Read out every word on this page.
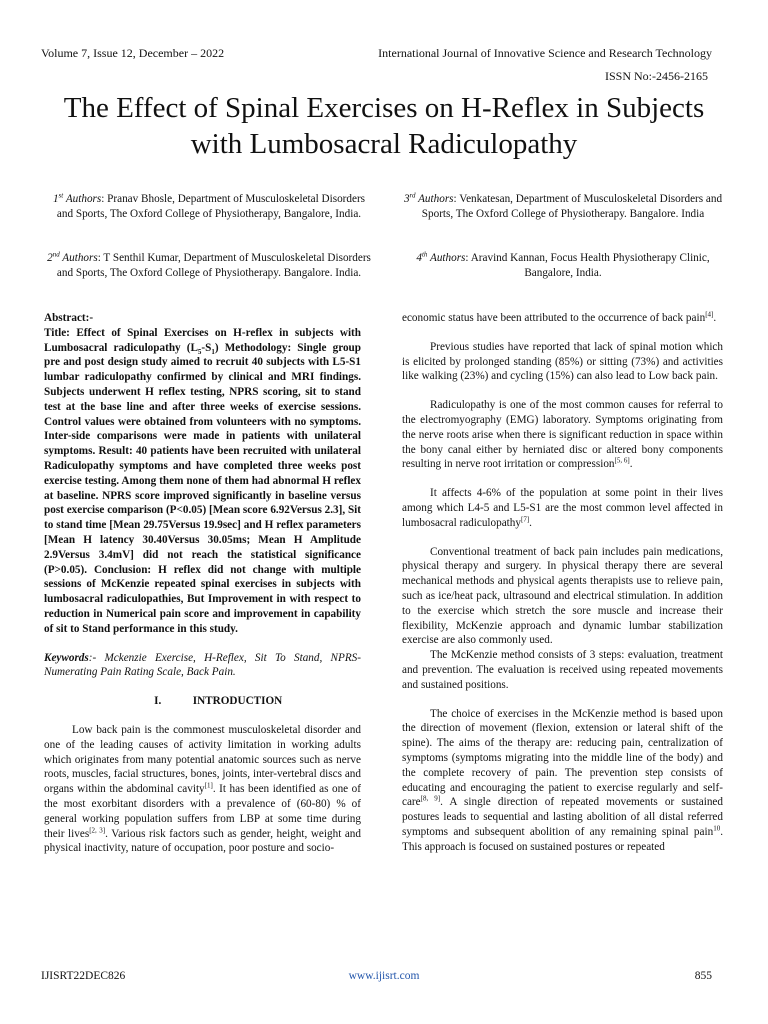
Volume 7, Issue 12, December – 2022	International Journal of Innovative Science and Research Technology
ISSN No:-2456-2165
The Effect of Spinal Exercises on H-Reflex in Subjects with Lumbosacral Radiculopathy
1st Authors: Pranav Bhosle, Department of Musculoskeletal Disorders and Sports, The Oxford College of Physiotherapy, Bangalore, India.
2nd Authors: T Senthil Kumar, Department of Musculoskeletal Disorders and Sports, The Oxford College of Physiotherapy. Bangalore. India.
3rd Authors: Venkatesan, Department of Musculoskeletal Disorders and Sports, The Oxford College of Physiotherapy. Bangalore. India
4th Authors: Aravind Kannan, Focus Health Physiotherapy Clinic, Bangalore, India.

Abstract:-

Title: Effect of Spinal Exercises on H-reflex in subjects with Lumbosacral radiculopathy $(L_5-S_1)$ Methodology: Single group pre and post design study aimed to recruit 40 subjects with L5-S1 lumbar radiculopathy confirmed by clinical and MRI findings. Subjects underwent H reflex testing, NPRS scoring, sit to stand test at the base line and after three weeks of exercise sessions. Control values were obtained from volunteers with no symptoms. Inter-side comparisons were made in patients with unilateral symptoms. Result: 40 patients have been recruited with unilateral Radiculopathy symptoms and have completed three weeks post exercise testing. Among them none of them had abnormal H reflex at baseline. NPRS score improved significantly in baseline versus post exercise comparison (P<0.05) [Mean score 6.92Versus 2.3], Sit to stand time [Mean 29.75Versus 19.9sec] and H reflex parameters [Mean H latency 30.40Versus 30.05ms; Mean H Amplitude 2.9Versus 3.4mV] did not reach the statistical significance (P>0.05). Conclusion: H reflex did not change with multiple sessions of McKenzie repeated spinal exercises in subjects with lumbosacral radiculopathies, But Improvement in with respect to reduction in Numerical pain score and improvement in capability of sit to Stand performance in this study.

Keywords:- Mckenzie Exercise, H-Reflex, Sit To Stand, NPRS- Numerating Pain Rating Scale, Back Pain.

I.	INTRODUCTION

Low back pain is the commonest musculoskeletal disorder and one of the leading causes of activity limitation in working adults which originates from many potential anatomic sources such as nerve roots, muscles, facial structures, bones, joints, inter-vertebral discs and organs within the abdominal cavity[1]. It has been identified as one of the most exorbitant disorders with a prevalence of (60-80) % of general working population suffers from LBP at some time during their lives[2, 3]. Various risk factors such as gender, height, weight and physical inactivity, nature of occupation, poor posture and socio-

economic status have been attributed to the occurrence of back pain[4].

Previous studies have reported that lack of spinal motion which is elicited by prolonged standing (85%) or sitting (73%) and activities like walking (23%) and cycling (15%) can also lead to Low back pain.

Radiculopathy is one of the most common causes for referral to the electromyography (EMG) laboratory. Symptoms originating from the nerve roots arise when there is significant reduction in space within the bony canal either by herniated disc or altered bony components resulting in nerve root irritation or compression[5, 6].

It affects 4-6% of the population at some point in their lives among which L4-5 and L5-S1 are the most common level affected in lumbosacral radiculopathy[7].

Conventional treatment of back pain includes pain medications, physical therapy and surgery. In physical therapy there are several mechanical methods and physical agents therapists use to relieve pain, such as ice/heat pack, ultrasound and electrical stimulation. In addition to the exercise which stretch the sore muscle and increase their flexibility, McKenzie approach and dynamic lumbar stabilization exercise are also commonly used.

The McKenzie method consists of 3 steps: evaluation, treatment and prevention. The evaluation is received using repeated movements and sustained positions.

The choice of exercises in the McKenzie method is based upon the direction of movement (flexion, extension or lateral shift of the spine). The aims of the therapy are: reducing pain, centralization of symptoms (symptoms migrating into the middle line of the body) and the complete recovery of pain. The prevention step consists of educating and encouraging the patient to exercise regularly and self-care[8, 9]. A single direction of repeated movements or sustained postures leads to sequential and lasting abolition of all distal referred symptoms and subsequent abolition of any remaining spinal pain$^{10}$. This approach is focused on sustained postures or repeated

IJISRT22DEC826	www.ijisrt.com	855
